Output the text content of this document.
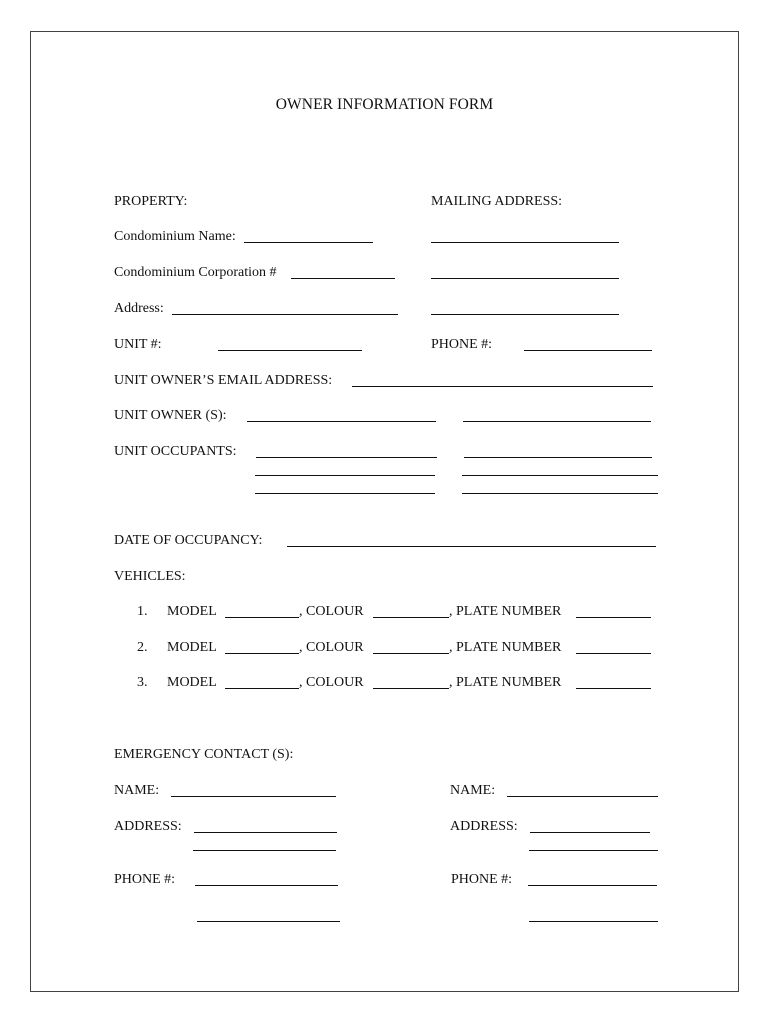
OWNER INFORMATION FORM
PROPERTY:	MAILING ADDRESS:
Condominium Name:
Condominium Corporation #
Address:
UNIT #:	PHONE #:
UNIT OWNER’S EMAIL ADDRESS:
UNIT OWNER (S):
UNIT OCCUPANTS:
DATE OF OCCUPANCY:
VEHICLES:
1. MODEL	, COLOUR	, PLATE NUMBER
2. MODEL	, COLOUR	, PLATE NUMBER
3. MODEL	, COLOUR	, PLATE NUMBER
EMERGENCY CONTACT (S):
NAME:	NAME:
ADDRESS:	ADDRESS:
PHONE #:	PHONE #:
